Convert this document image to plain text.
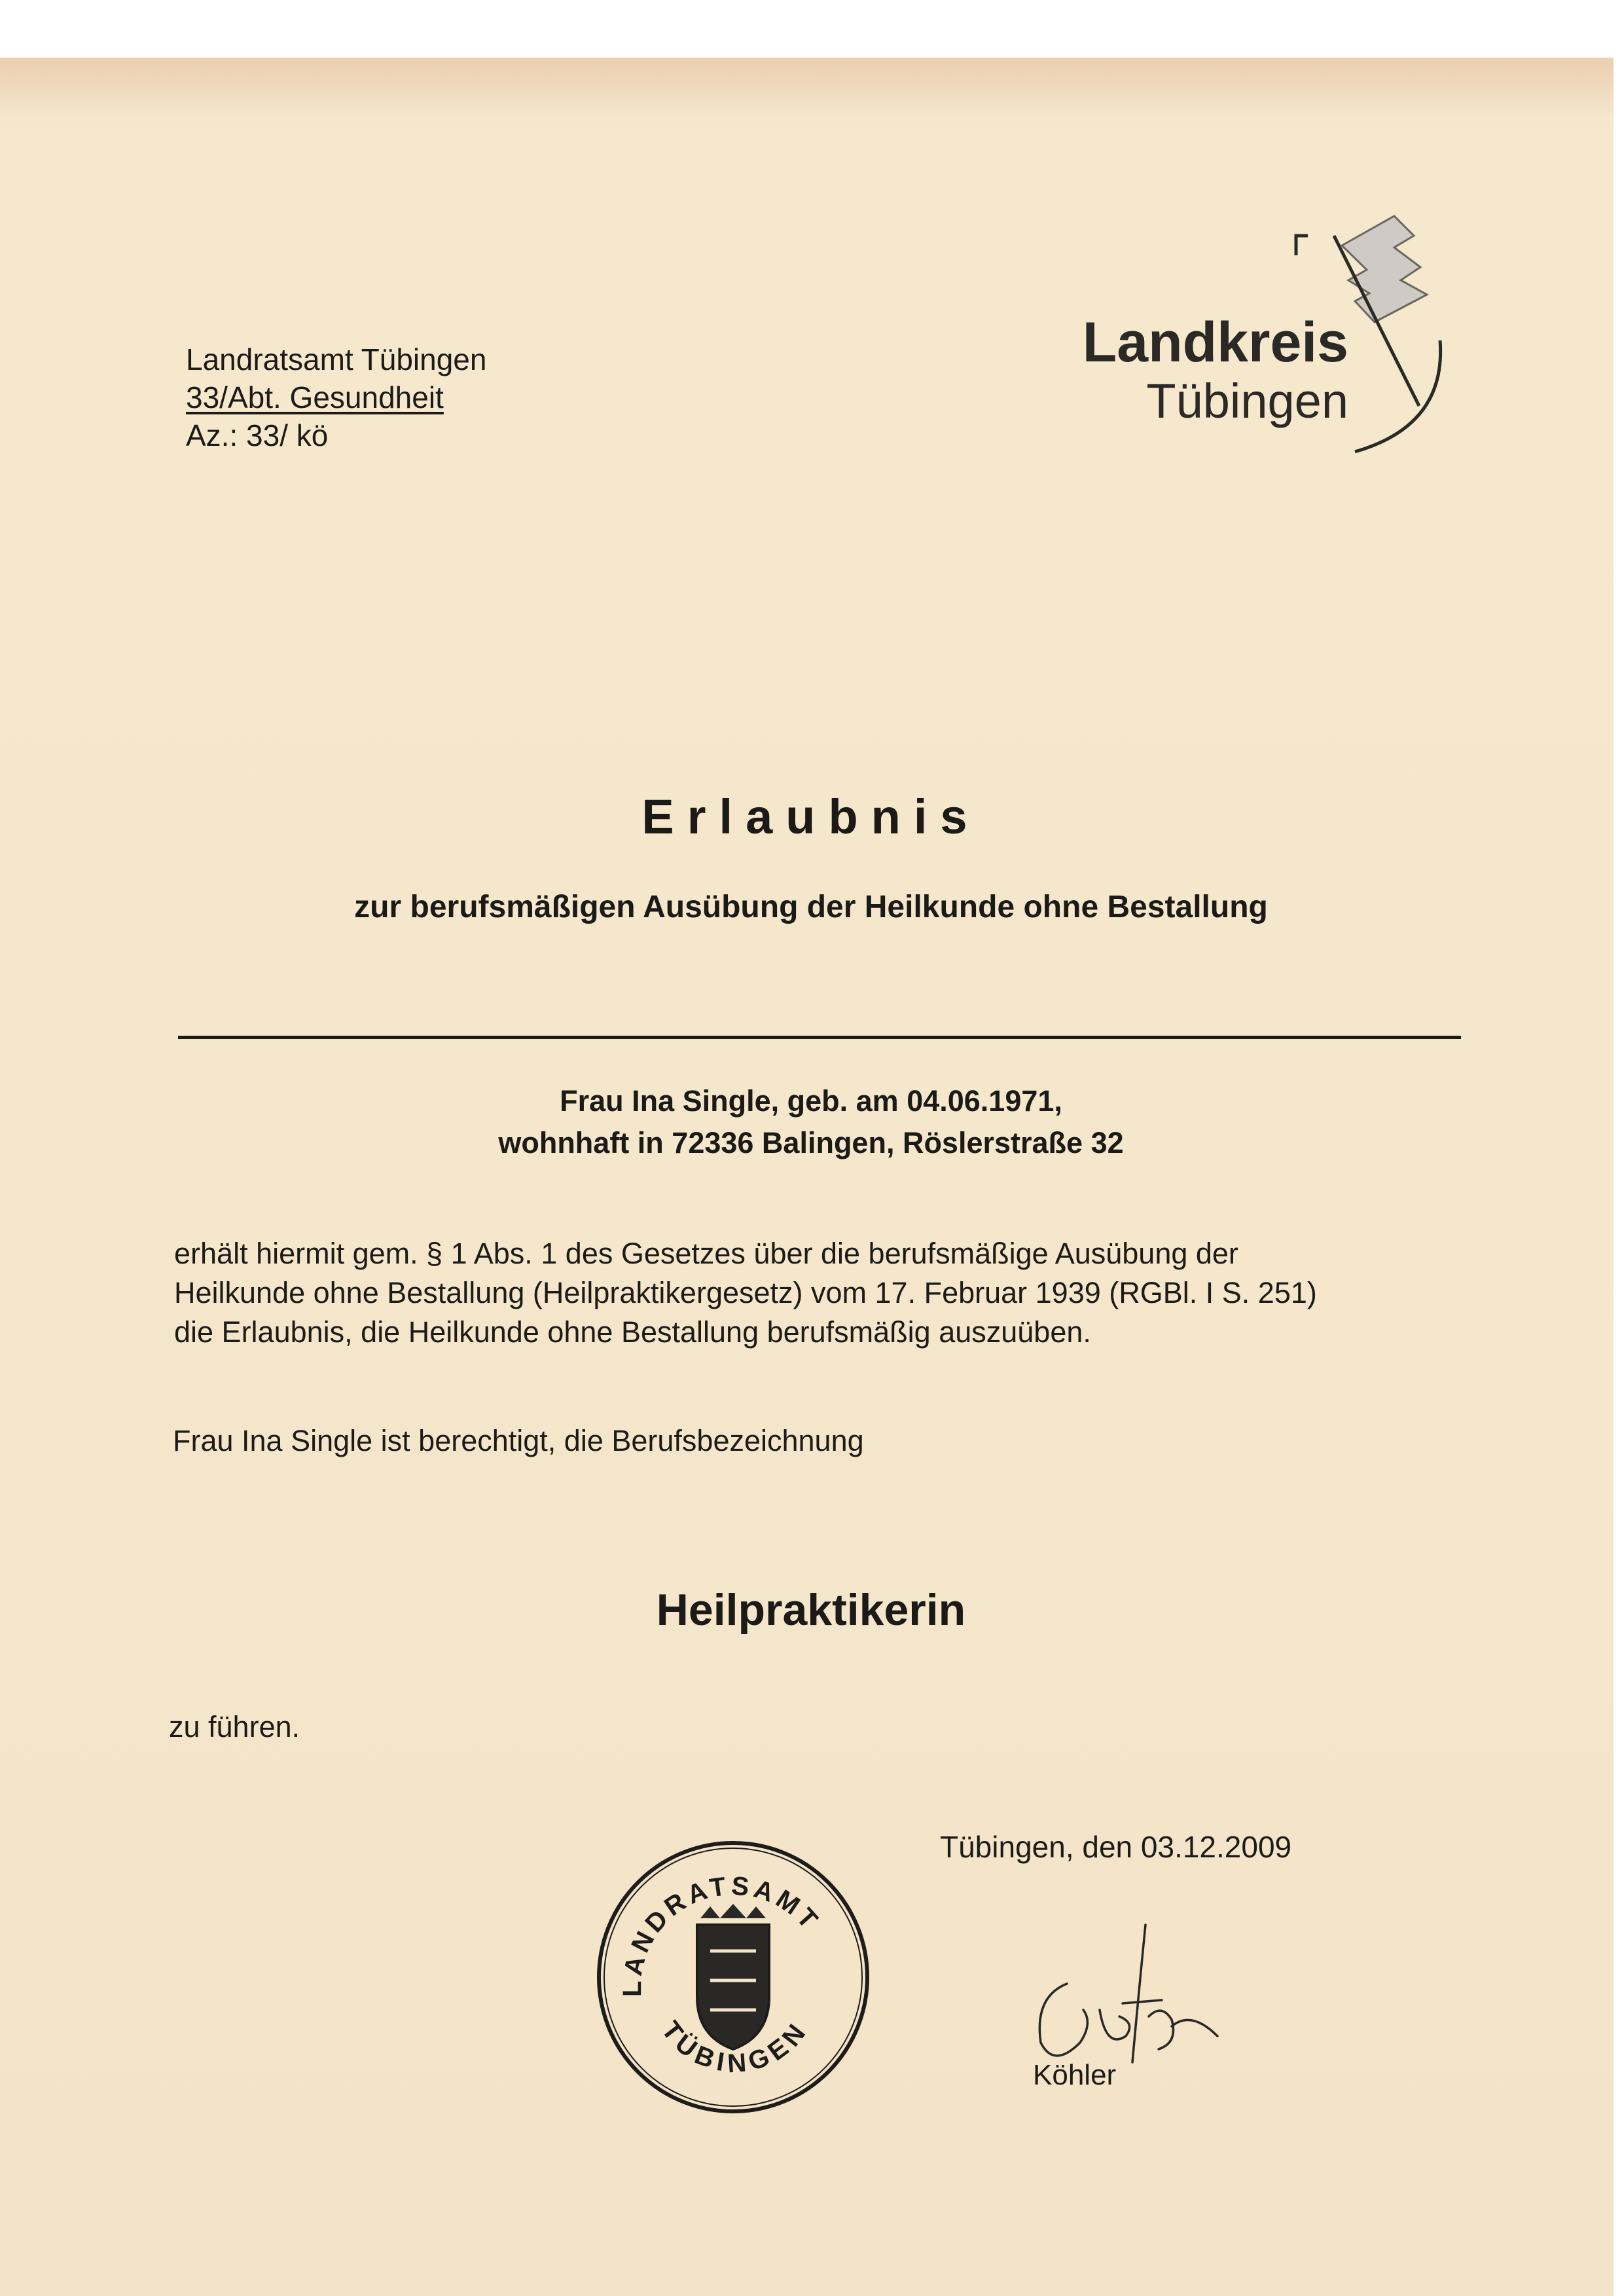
Landratsamt Tübingen
33/Abt. Gesundheit
Az.: 33/ kö
Landkreis
Tübingen
Erlaubnis
zur berufsmäßigen Ausübung der Heilkunde ohne Bestallung
Frau Ina Single, geb. am 04.06.1971,
wohnhaft in 72336 Balingen, Röslerstraße 32
erhält hiermit gem. § 1 Abs. 1 des Gesetzes über die berufsmäßige Ausübung der
Heilkunde ohne Bestallung (Heilpraktikergesetz) vom 17. Februar 1939 (RGBl. I S. 251)
die Erlaubnis, die Heilkunde ohne Bestallung berufsmäßig auszuüben.
Frau Ina Single ist berechtigt, die Berufsbezeichnung
Heilpraktikerin
zu führen.
Tübingen, den 03.12.2009
LANDRATSAMT
TÜBINGEN
Köhler
